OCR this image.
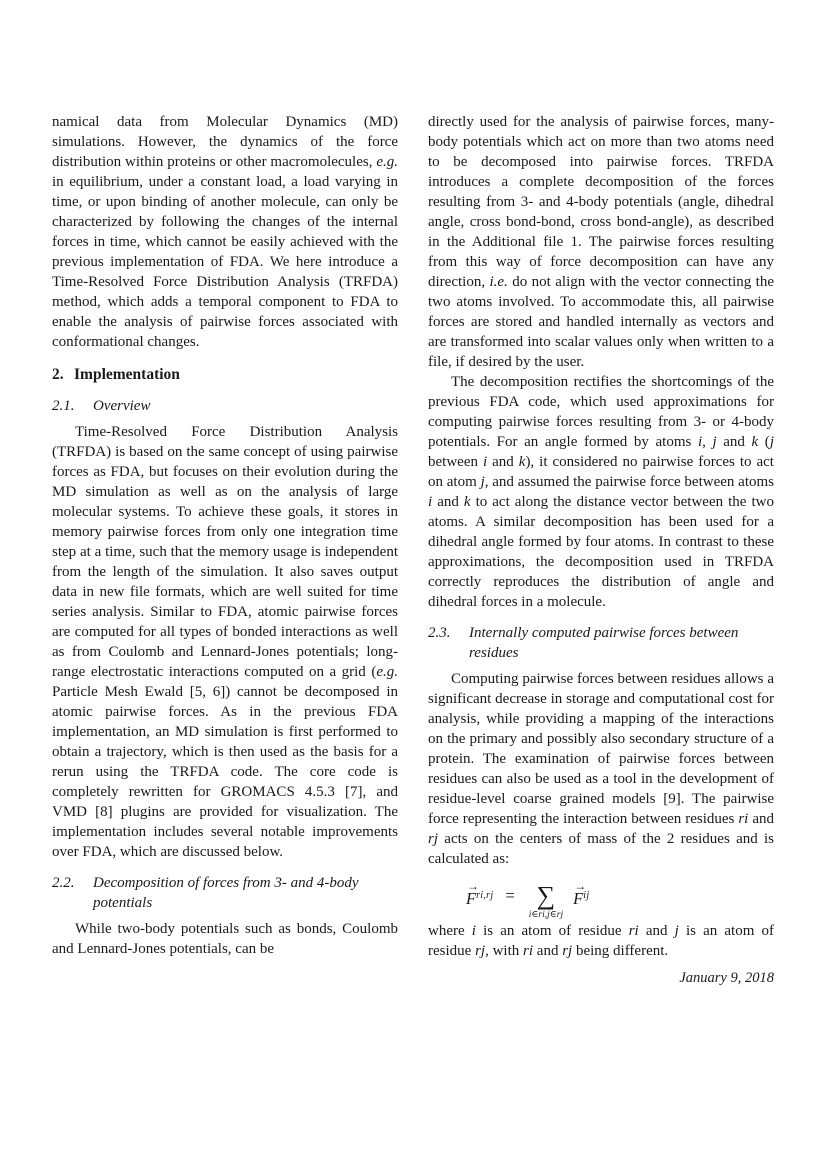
namical data from Molecular Dynamics (MD) simulations. However, the dynamics of the force distribution within proteins or other macromolecules, e.g. in equilibrium, under a constant load, a load varying in time, or upon binding of another molecule, can only be characterized by following the changes of the internal forces in time, which cannot be easily achieved with the previous implementation of FDA. We here introduce a Time-Resolved Force Distribution Analysis (TRFDA) method, which adds a temporal component to FDA to enable the analysis of pairwise forces associated with conformational changes.

2. Implementation
2.1. Overview

Time-Resolved Force Distribution Analysis (TRFDA) is based on the same concept of using pairwise forces as FDA, but focuses on their evolution during the MD simulation as well as on the analysis of large molecular systems. To achieve these goals, it stores in memory pairwise forces from only one integration time step at a time, such that the memory usage is independent from the length of the simulation. It also saves output data in new file formats, which are well suited for time series analysis. Similar to FDA, atomic pairwise forces are computed for all types of bonded interactions as well as from Coulomb and Lennard-Jones potentials; long-range electrostatic interactions computed on a grid (e.g. Particle Mesh Ewald [5, 6]) cannot be decomposed in atomic pairwise forces. As in the previous FDA implementation, an MD simulation is first performed to obtain a trajectory, which is then used as the basis for a rerun using the TRFDA code. The core code is completely rewritten for GROMACS 4.5.3 [7], and VMD [8] plugins are provided for visualization. The implementation includes several notable improvements over FDA, which are discussed below.

2.2. Decomposition of forces from 3- and 4-body potentials

While two-body potentials such as bonds, Coulomb and Lennard-Jones potentials, can be

directly used for the analysis of pairwise forces, many-body potentials which act on more than two atoms need to be decomposed into pairwise forces. TRFDA introduces a complete decomposition of the forces resulting from 3- and 4-body potentials (angle, dihedral angle, cross bond-bond, cross bond-angle), as described in the Additional file 1. The pairwise forces resulting from this way of force decomposition can have any direction, i.e. do not align with the vector connecting the two atoms involved. To accommodate this, all pairwise forces are stored and handled internally as vectors and are transformed into scalar values only when written to a file, if desired by the user.

The decomposition rectifies the shortcomings of the previous FDA code, which used approximations for computing pairwise forces resulting from 3- or 4-body potentials. For an angle formed by atoms i, j and k (j between i and k), it considered no pairwise forces to act on atom j, and assumed the pairwise force between atoms i and k to act along the distance vector between the two atoms. A similar decomposition has been used for a dihedral angle formed by four atoms. In contrast to these approximations, the decomposition used in TRFDA correctly reproduces the distribution of angle and dihedral forces in a molecule.

2.3. Internally computed pairwise forces between residues

Computing pairwise forces between residues allows a significant decrease in storage and computational cost for analysis, while providing a mapping of the interactions on the primary and possibly also secondary structure of a protein. The examination of pairwise forces between residues can also be used as a tool in the development of residue-level coarse grained models [9]. The pairwise force representing the interaction between residues ri and rj acts on the centers of mass of the 2 residues and is calculated as:

→
F ri,rj = ∑
i∈ri,j∈rj
→
F ij

where i is an atom of residue ri and j is an atom of residue rj, with ri and rj being different.

January 9, 2018
